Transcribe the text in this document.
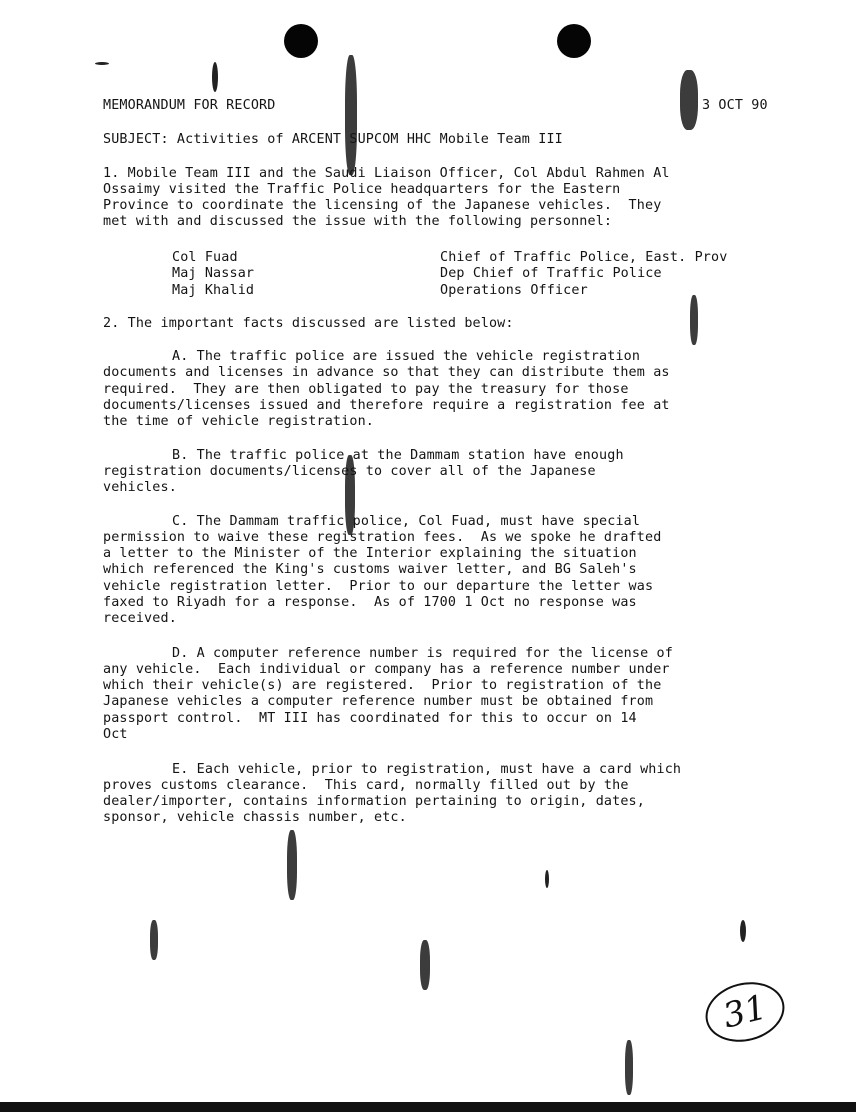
MEMORANDUM FOR RECORD	3 OCT 90
SUBJECT: Activities of ARCENT SUPCOM HHC Mobile Team III
1. Mobile Team III and the Saudi Liaison Officer, Col Abdul Rahmen Al
Ossaimy visited the Traffic Police headquarters for the Eastern
Province to coordinate the licensing of the Japanese vehicles.  They
met with and discussed the issue with the following personnel:
Col Fuad	Chief of Traffic Police, East. Prov
Maj Nassar	Dep Chief of Traffic Police
Maj Khalid	Operations Officer
2. The important facts discussed are listed below:
A. The traffic police are issued the vehicle registration
documents and licenses in advance so that they can distribute them as
required.  They are then obligated to pay the treasury for those
documents/licenses issued and therefore require a registration fee at
the time of vehicle registration.
B. The traffic police at the Dammam station have enough
registration documents/licenses to cover all of the Japanese
vehicles.
C. The Dammam traffic police, Col Fuad, must have special
permission to waive these registration fees.  As we spoke he drafted
a letter to the Minister of the Interior explaining the situation
which referenced the King's customs waiver letter, and BG Saleh's
vehicle registration letter.  Prior to our departure the letter was
faxed to Riyadh for a response.  As of 1700 1 Oct no response was
received.
D. A computer reference number is required for the license of
any vehicle.  Each individual or company has a reference number under
which their vehicle(s) are registered.  Prior to registration of the
Japanese vehicles a computer reference number must be obtained from
passport control.  MT III has coordinated for this to occur on 14
Oct
E. Each vehicle, prior to registration, must have a card which
proves customs clearance.  This card, normally filled out by the
dealer/importer, contains information pertaining to origin, dates,
sponsor, vehicle chassis number, etc.
31
